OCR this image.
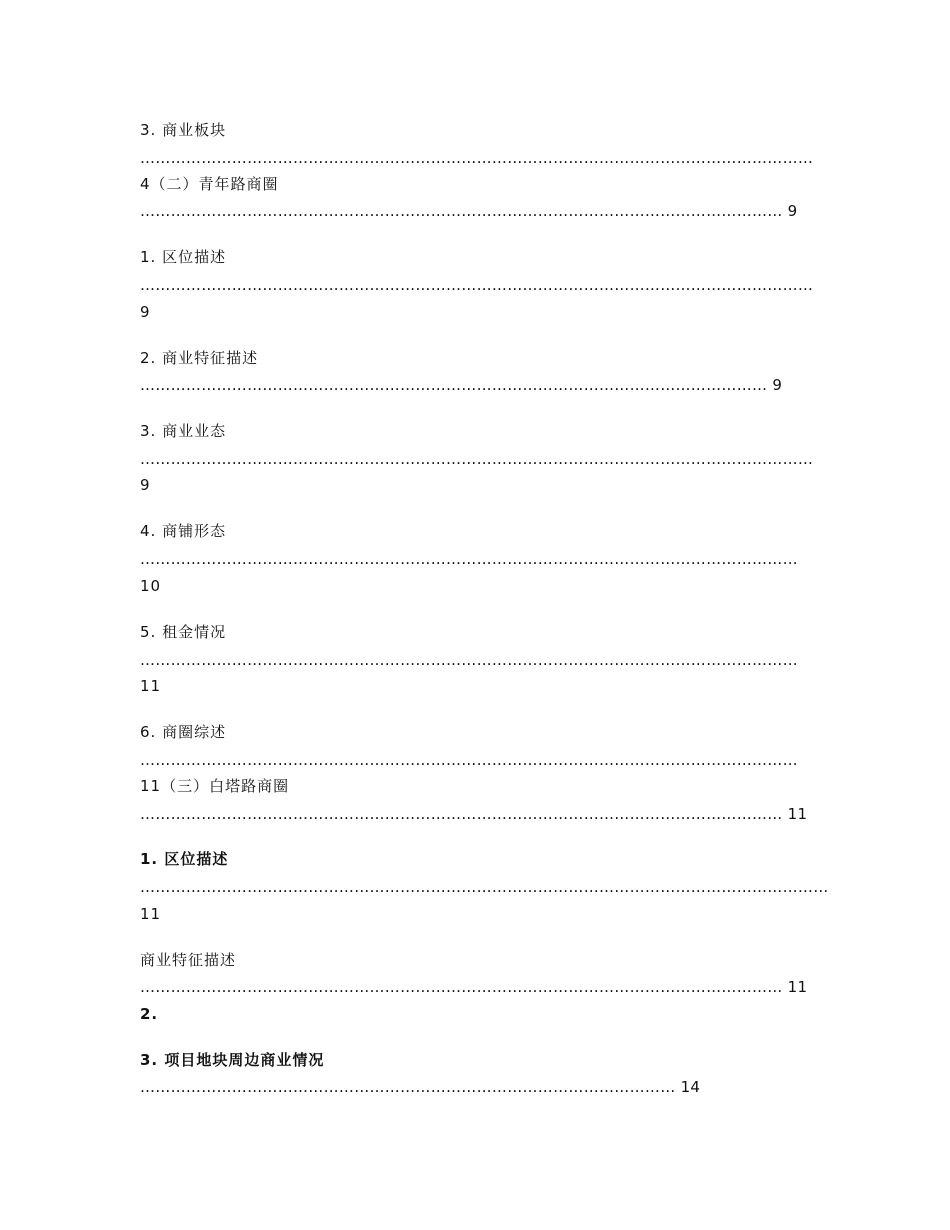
3. 商业板块
……………………………………………………………………………………………………………………
4（二）青年路商圈
……………………………………………………………………………………………………………… 9
1. 区位描述
……………………………………………………………………………………………………………………
9
2. 商业特征描述
…………………………………………………………………………………………………………… 9
3. 商业业态
……………………………………………………………………………………………………………………
9
4. 商铺形态
…………………………………………………………………………………………………………………
10
5. 租金情况
…………………………………………………………………………………………………………………
11
6. 商圈综述
…………………………………………………………………………………………………………………
11（三）白塔路商圈
……………………………………………………………………………………………………………… 11
1. 区位描述
………………………………………………………………………………………………………………………
11
商业特征描述
……………………………………………………………………………………………………………… 11
2.
3. 项目地块周边商业情况
…………………………………………………………………………………………… 14
